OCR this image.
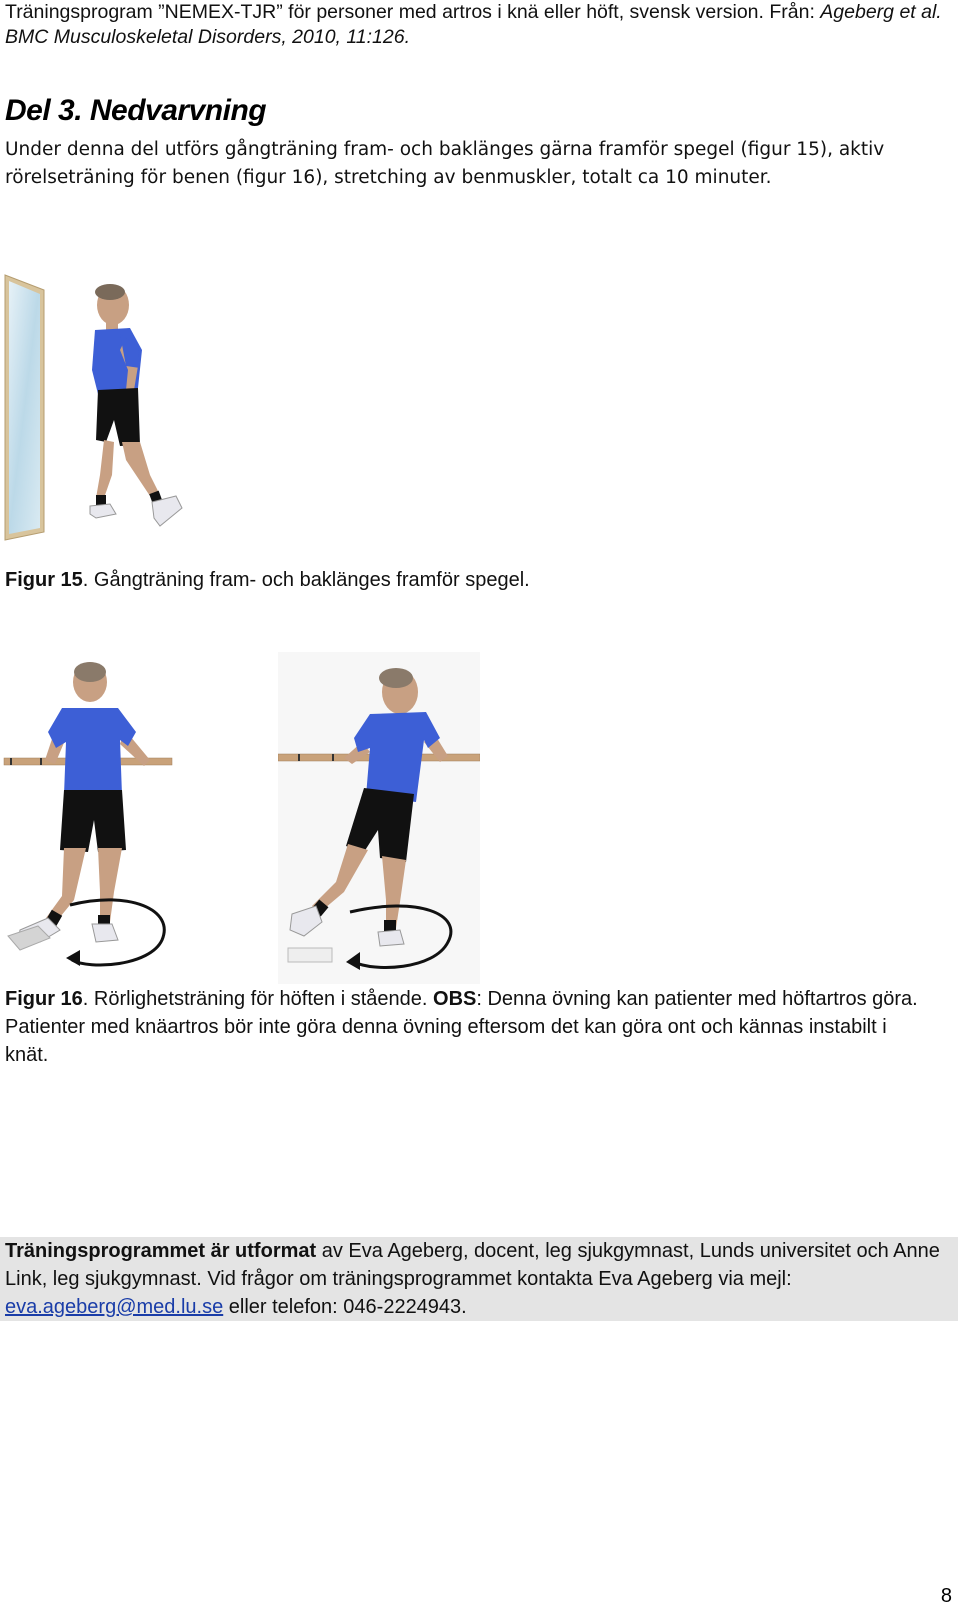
Träningsprogram ”NEMEX-TJR” för personer med artros i knä eller höft, svensk version. Från: Ageberg et al.
BMC Musculoskeletal Disorders, 2010, 11:126.
Del 3. Nedvarvning
Under denna del utförs gångträning fram- och baklänges gärna framför spegel (figur 15), aktiv rörelseträning för benen (figur 16), stretching av benmuskler, totalt ca 10 minuter.
Figur 15. Gångträning fram- och baklänges framför spegel.
Figur 16. Rörlighetsträning för höften i stående. OBS: Denna övning kan patienter med höftartros göra. Patienter med knäartros bör inte göra denna övning eftersom det kan göra ont och kännas instabilt i knät.
Träningsprogrammet är utformat av Eva Ageberg, docent, leg sjukgymnast, Lunds universitet och Anne Link, leg sjukgymnast. Vid frågor om träningsprogrammet kontakta Eva Ageberg via mejl: eva.ageberg@med.lu.se eller telefon: 046-2224943.
8
